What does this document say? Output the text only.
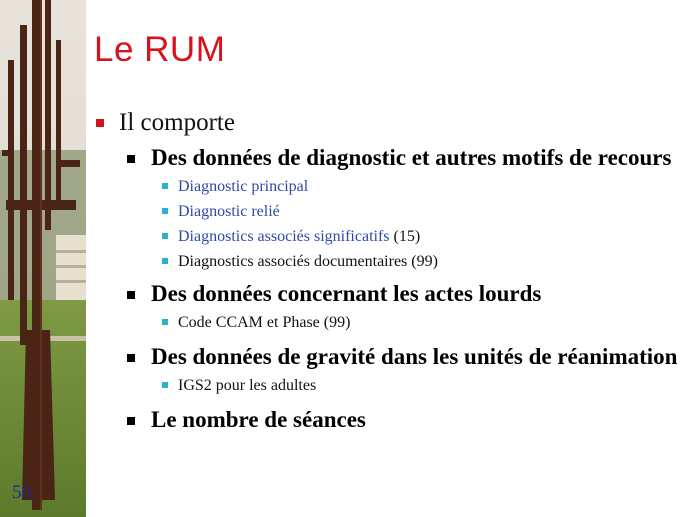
Le RUM
Il comporte
Des données de diagnostic et autres motifs de recours
Diagnostic principal
Diagnostic relié
Diagnostics associés significatifs (15)
Diagnostics associés documentaires (99)
Des données concernant les actes lourds
Code CCAM et Phase (99)
Des données de gravité dans les unités de réanimation
IGS2 pour les adultes
Le nombre de séances
50
